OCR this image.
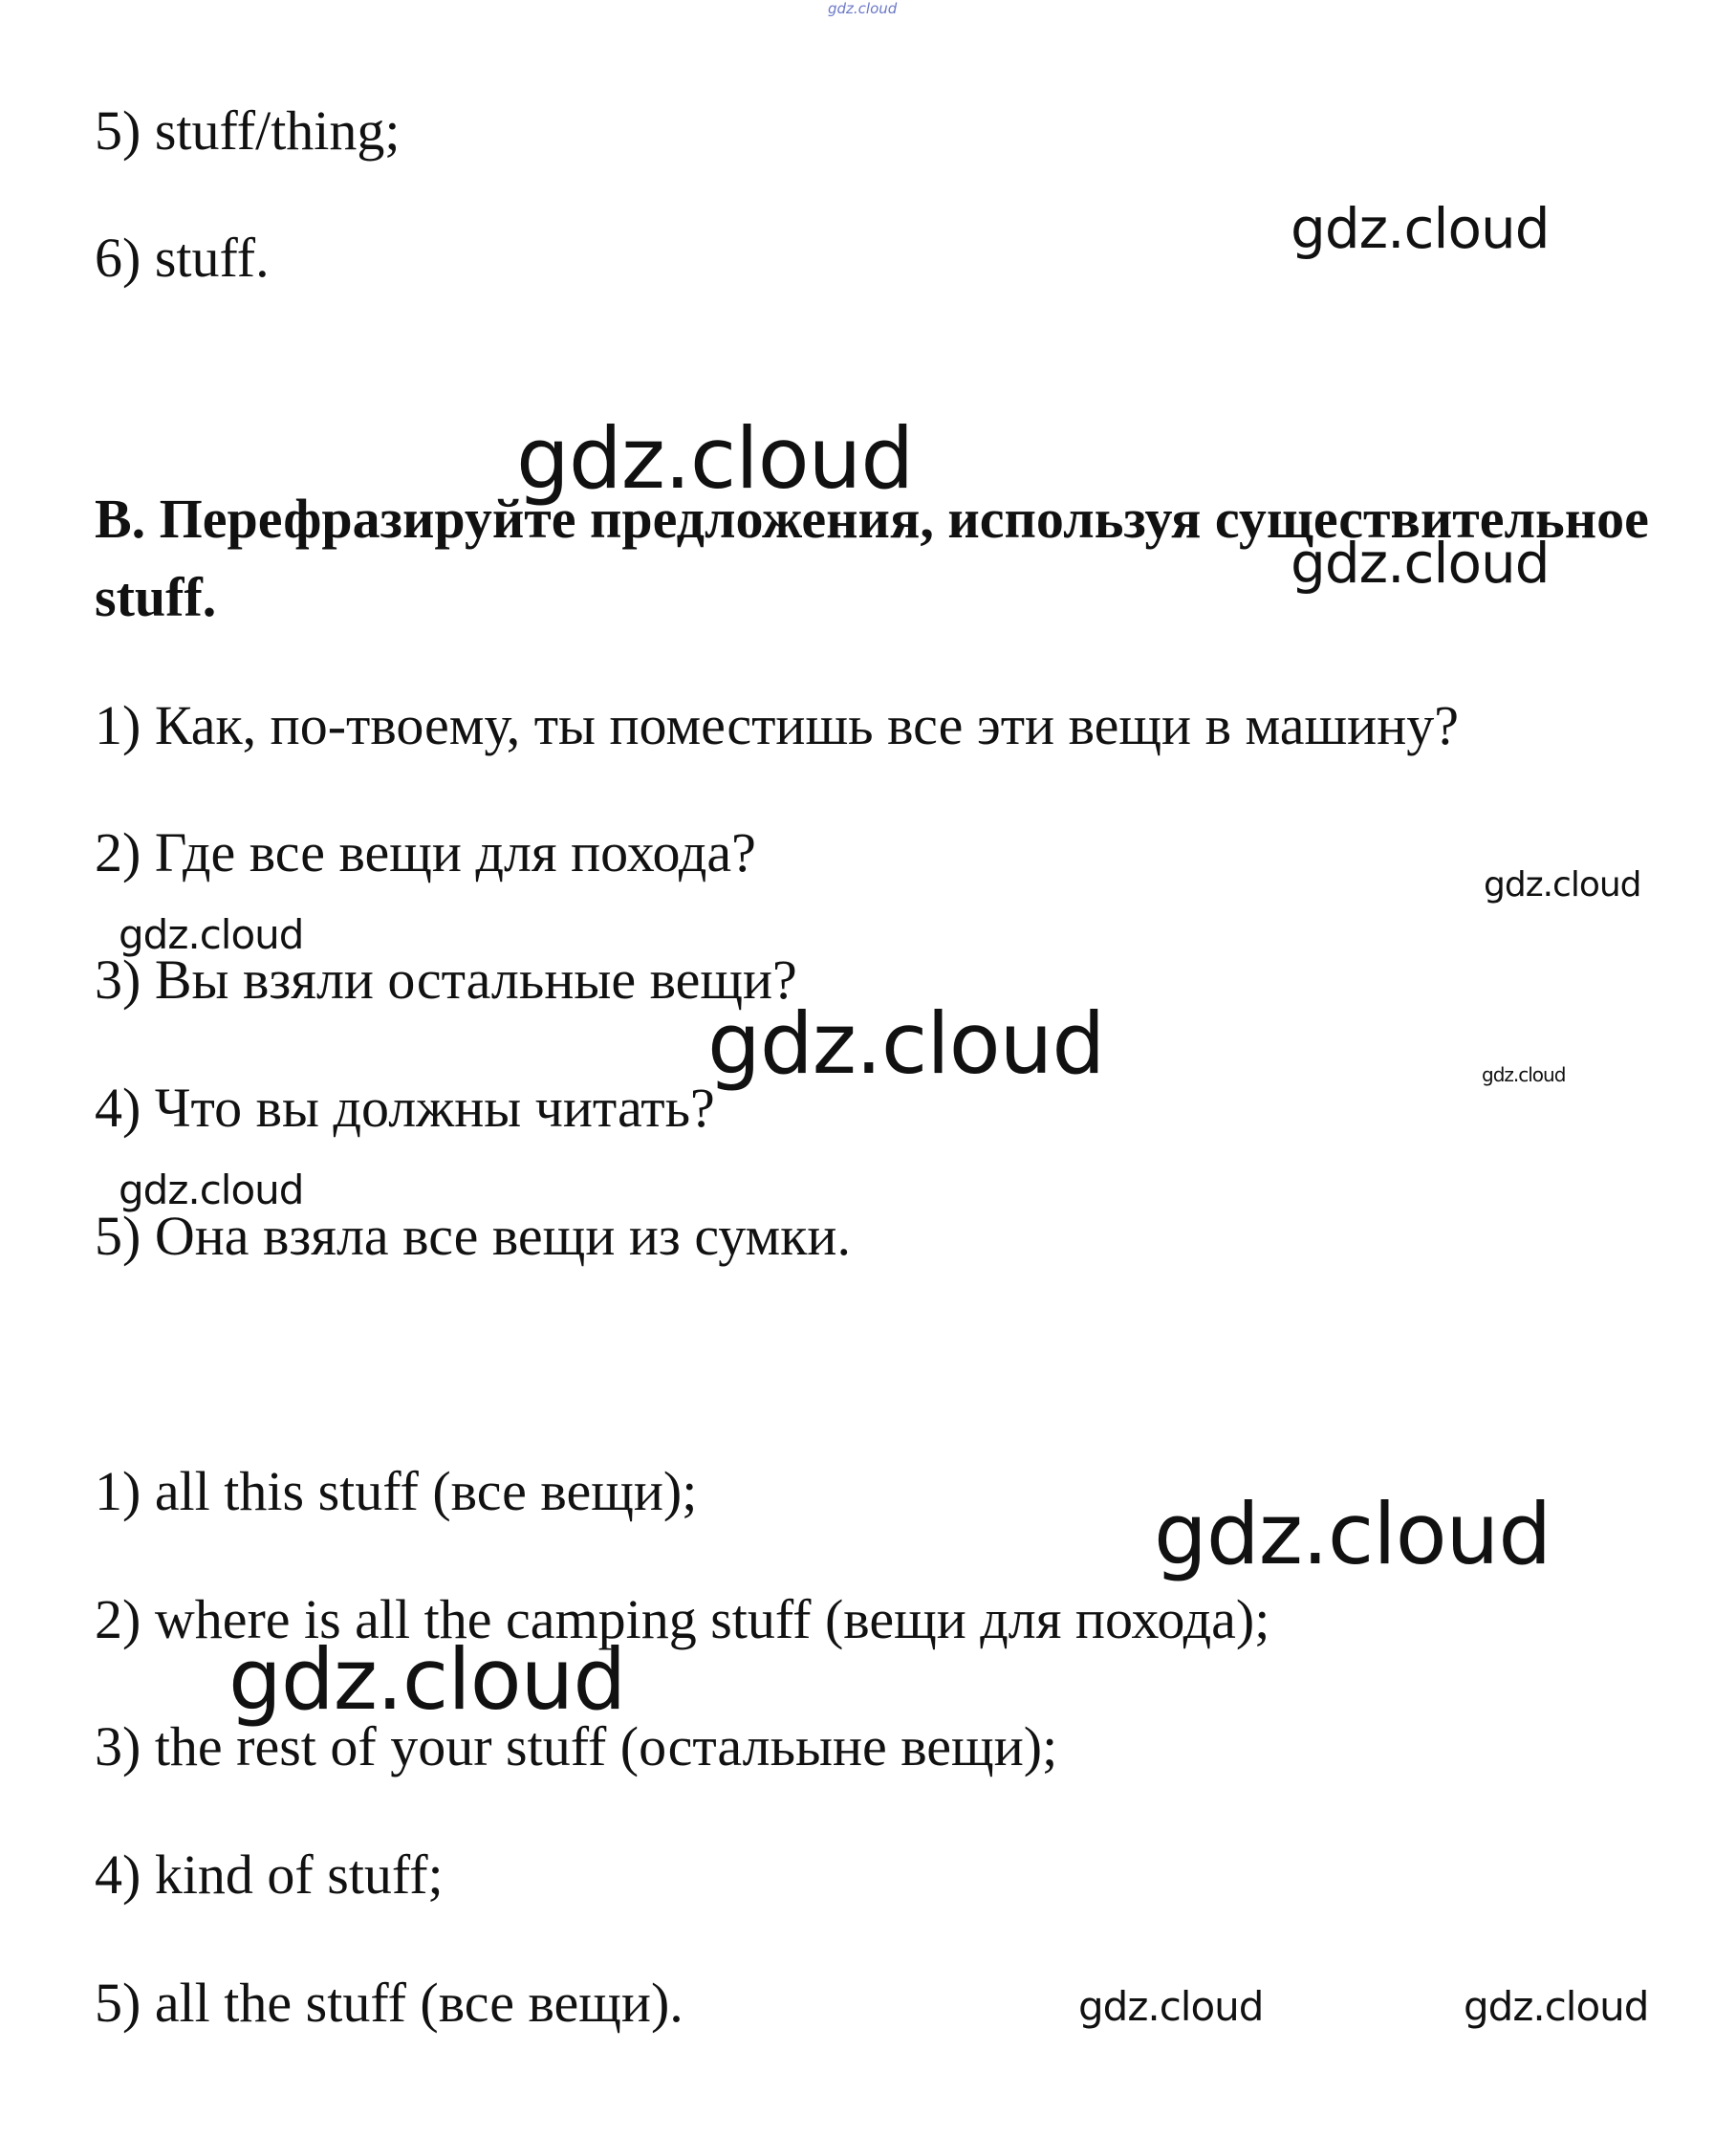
gdz.cloud
5) stuff/thing;
6) stuff.
B. Перефразируйте предложения, используя существительное stuff.
1) Как, по-твоему, ты поместишь все эти вещи в машину?
2) Где все вещи для похода?
3) Вы взяли остальные вещи?
4) Что вы должны читать?
5) Она взяла все вещи из сумки.
1) all this stuff (все вещи);
2) where is all the camping stuff (вещи для похода);
3) the rest of your stuff (остальыне вещи);
4) kind of stuff;
5) all the stuff (все вещи).
gdz.cloud
gdz.cloud
gdz.cloud
gdz.cloud
gdz.cloud
gdz.cloud	gdz.cloud
gdz.cloud
gdz.cloud
gdz.cloud
gdz.cloud	gdz.cloud
